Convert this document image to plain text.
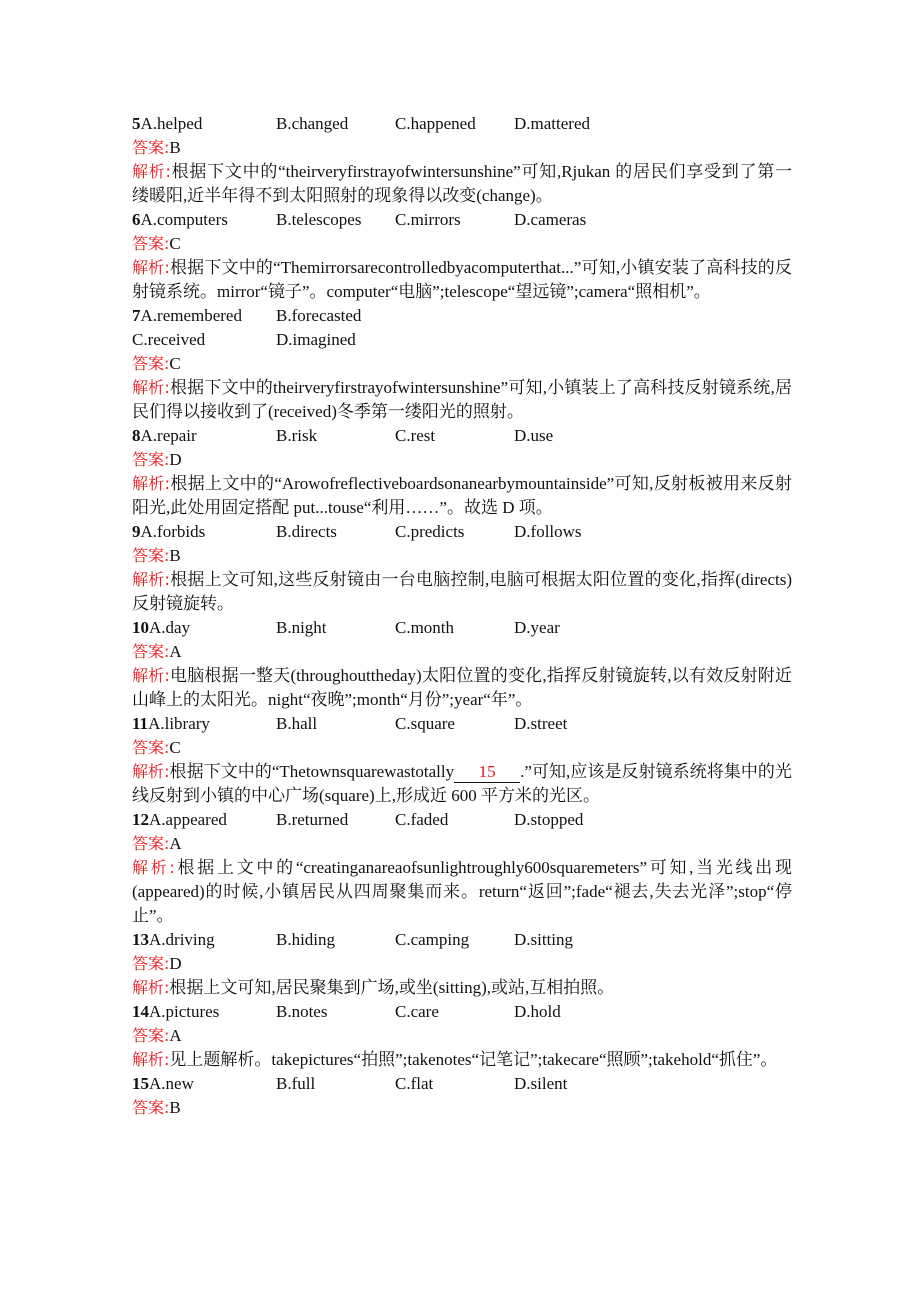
5A.helped	B.changed	C.happened	D.mattered
答案:B
解析:根据下文中的“theirveryfirstrayofwintersunshine”可知,Rjukan 的居民们享受到了第一缕暖阳,近半年得不到太阳照射的现象得以改变(change)。
6A.computers	B.telescopes	C.mirrors	D.cameras
答案:C
解析:根据下文中的“Themirrorsarecontrolledbyacomputerthat...”可知,小镇安装了高科技的反射镜系统。mirror“镜子”。computer“电脑”;telescope“望远镜”;camera“照相机”。
7A.remembered	B.forecasted
C.received	D.imagined
答案:C
解析:根据下文中的theirveryfirstrayofwintersunshine”可知,小镇装上了高科技反射镜系统,居民们得以接收到了(received)冬季第一缕阳光的照射。
8A.repair	B.risk	C.rest	D.use
答案:D
解析:根据上文中的“Arowofreflectiveboardsonanearbymountainside”可知,反射板被用来反射阳光,此处用固定搭配 put...touse“利用……”。故选 D 项。
9A.forbids	B.directs	C.predicts	D.follows
答案:B
解析:根据上文可知,这些反射镜由一台电脑控制,电脑可根据太阳位置的变化,指挥(directs)反射镜旋转。
10A.day	B.night	C.month	D.year
答案:A
解析:电脑根据一整天(throughouttheday)太阳位置的变化,指挥反射镜旋转,以有效反射附近山峰上的太阳光。night“夜晚”;month“月份”;year“年”。
11A.library	B.hall	C.square	D.street
答案:C
解析:根据下文中的“Thetownsquarewastotally 15 .”可知,应该是反射镜系统将集中的光线反射到小镇的中心广场(square)上,形成近 600 平方米的光区。
12A.appeared	B.returned	C.faded	D.stopped
答案:A
解析:根据上文中的“creatinganareaofsunlightroughly600squaremeters”可知,当光线出现(appeared)的时候,小镇居民从四周聚集而来。return“返回”;fade“褪去,失去光泽”;stop“停止”。
13A.driving	B.hiding	C.camping	D.sitting
答案:D
解析:根据上文可知,居民聚集到广场,或坐(sitting),或站,互相拍照。
14A.pictures	B.notes	C.care	D.hold
答案:A
解析:见上题解析。takepictures“拍照”;takenotes“记笔记”;takecare“照顾”;takehold“抓住”。
15A.new	B.full	C.flat	D.silent
答案:B
